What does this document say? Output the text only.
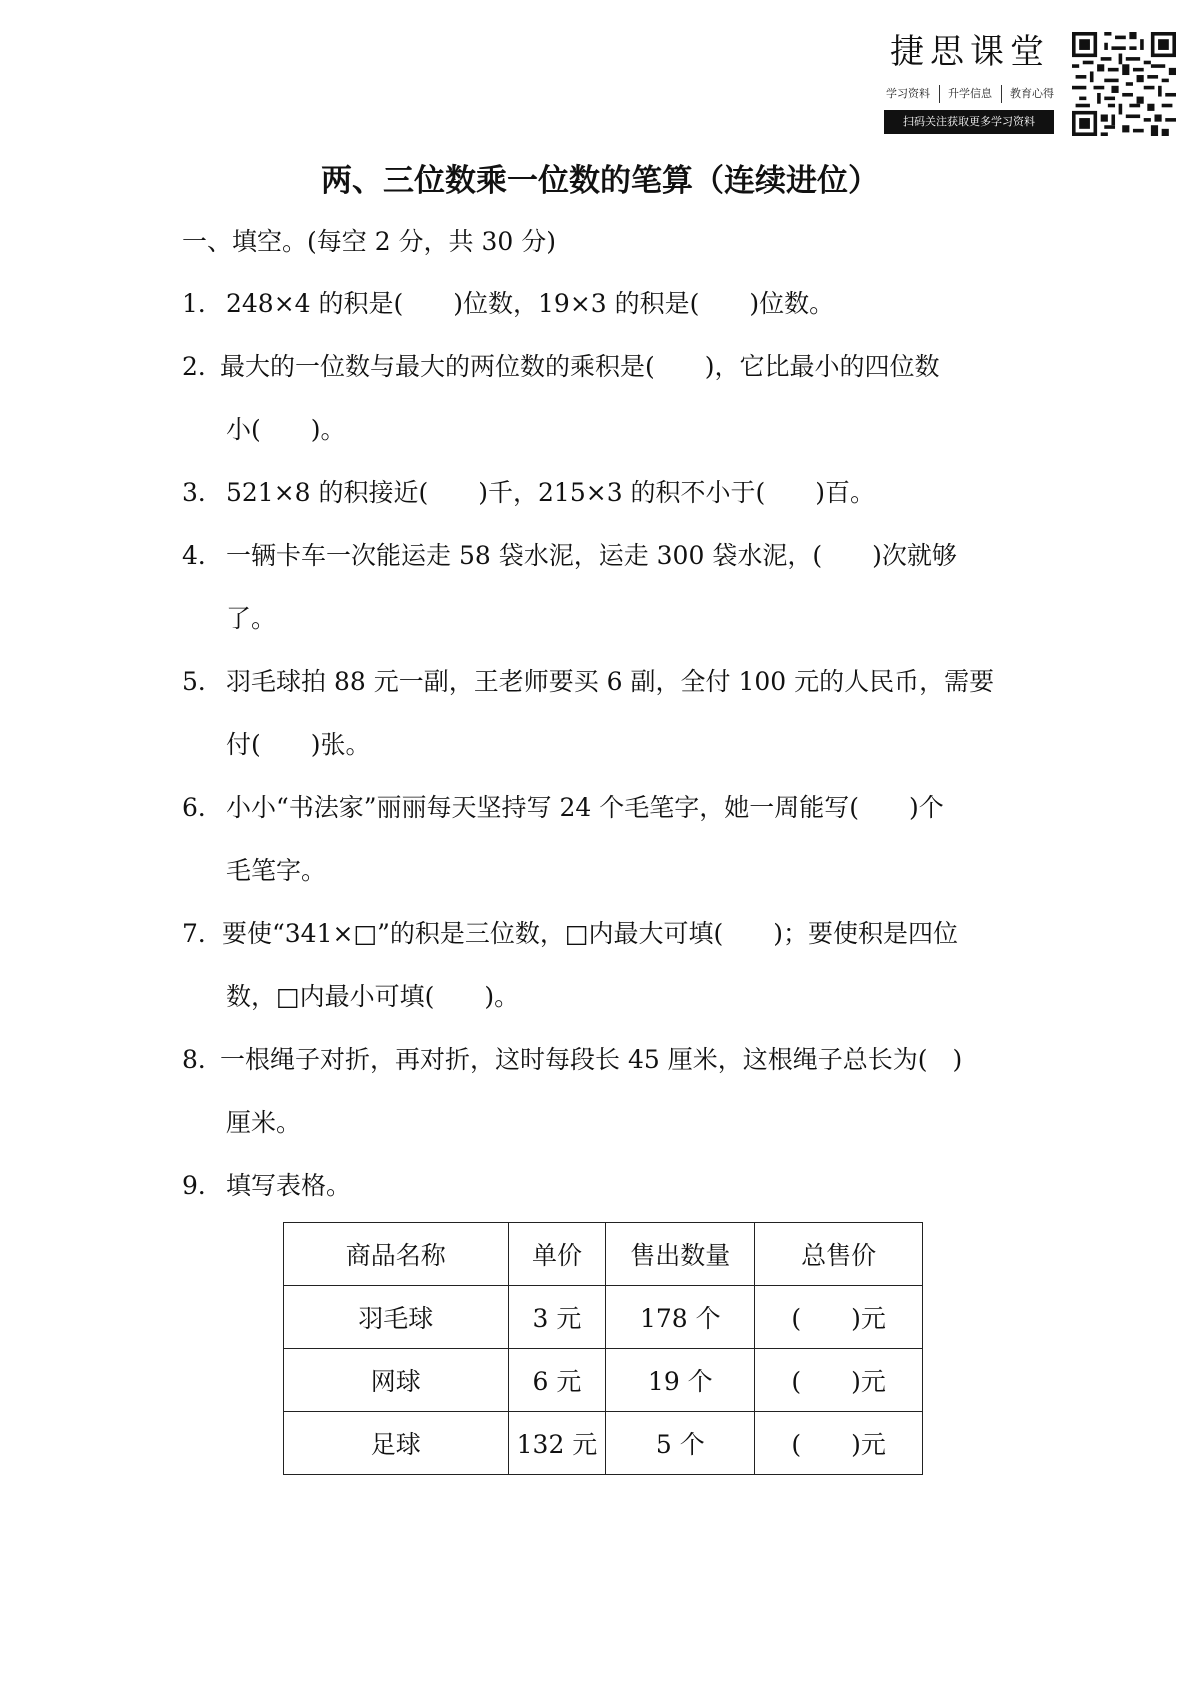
捷思课堂
学习资料 升学信息 教育心得
扫码关注获取更多学习资料
两、三位数乘一位数的笔算（连续进位）
一、填空。(每空 2 分，共 30 分)
1． 248×4 的积是(　　)位数，19×3 的积是(　　)位数。
2．
最大的一位数与最大的两位数的乘积是(　　)，它比最小的四位数
小(　　)。
3． 521×8 的积接近(　　)千，215×3 的积不小于(　　)百。
4． 一辆卡车一次能运走 58 袋水泥，运走 300 袋水泥，(　　)次就够
了。
5． 羽毛球拍 88 元一副，王老师要买 6 副，全付 100 元的人民币，需要
付(　　)张。
6． 小小“书法家”丽丽每天坚持写 24 个毛笔字，她一周能写(　　)个
毛笔字。
7． 要使“341×□”的积是三位数，□内最大可填(　　)；要使积是四位
数，□内最小可填(　　)。
8．
一根绳子对折，再对折，这时每段长 45 厘米，这根绳子总长为(　)
厘米。
9． 填写表格。
商品名称	单价	售出数量	总售价
羽毛球	3 元	178 个	(　　)元
网球	6 元	19 个	(　　)元
足球	132 元	5 个	(　　)元
